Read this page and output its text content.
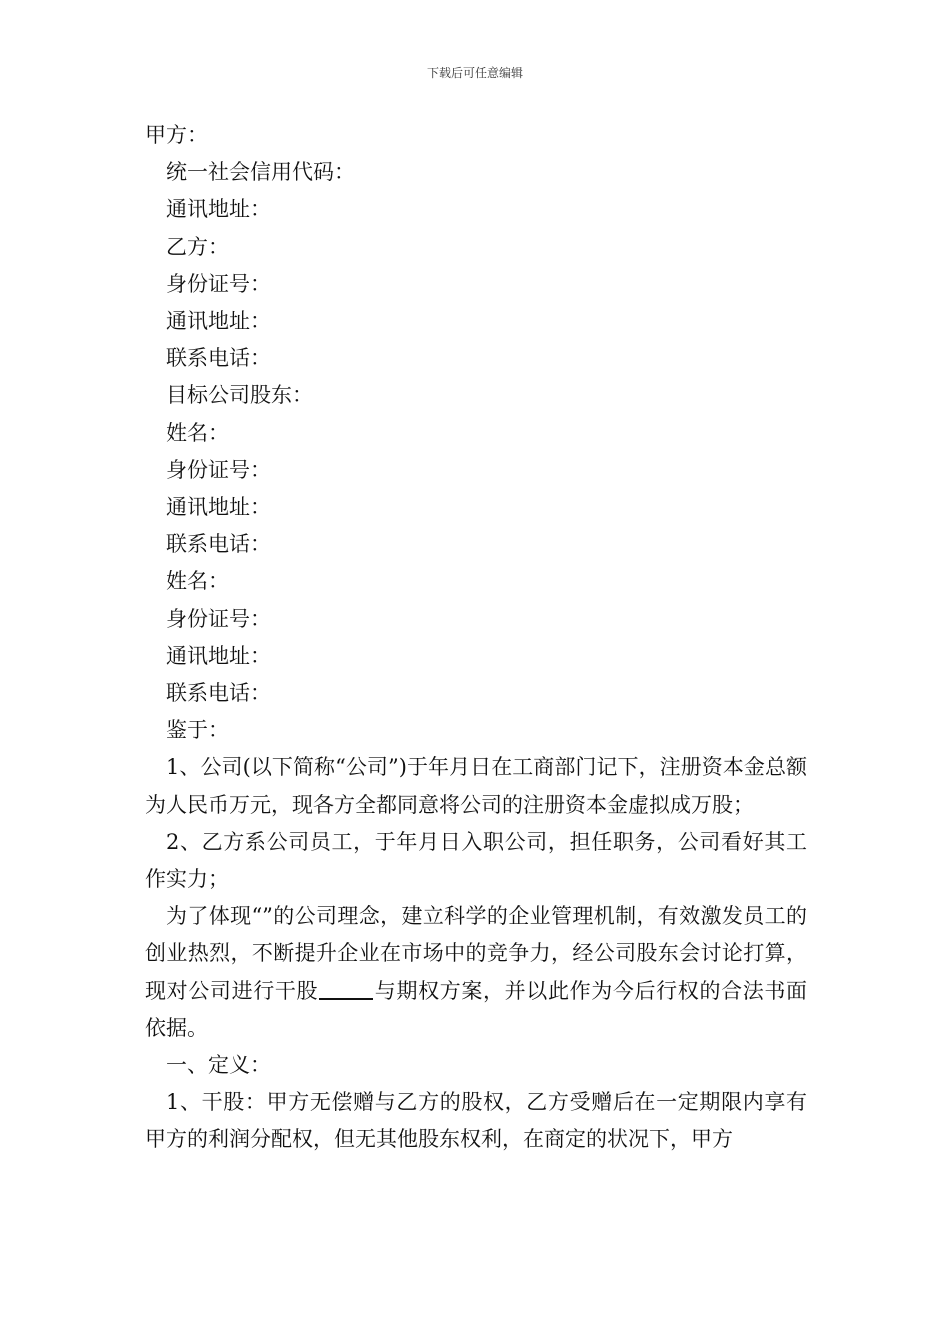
下载后可任意编辑

甲方：

统一社会信用代码：

通讯地址：

乙方：

身份证号：

通讯地址：

联系电话：

目标公司股东：

姓名：

身份证号：

通讯地址：

联系电话：

姓名：

身份证号：

通讯地址：

联系电话：

鉴于：

1、公司(以下简称“公司”)于年月日在工商部门记下，注册资本金总额为人民币万元，现各方全都同意将公司的注册资本金虚拟成万股；

2、乙方系公司员工，于年月日入职公司，担任职务，公司看好其工作实力；

为了体现“”的公司理念，建立科学的企业管理机制，有效激发员工的创业热烈，不断提升企业在市场中的竞争力，经公司股东会讨论打算，现对公司进行干股	与期权方案，并以此作为今后行权的合法书面依据。

一、定义：

1、干股：甲方无偿赠与乙方的股权，乙方受赠后在一定期限内享有甲方的利润分配权，但无其他股东权利，在商定的状况下，甲方
